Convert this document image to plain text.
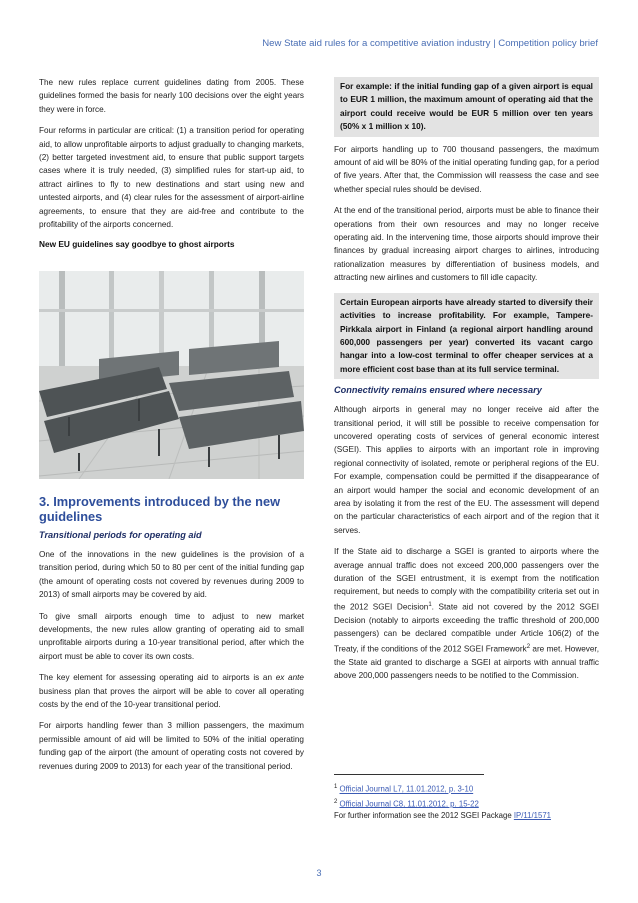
New State aid rules for a competitive aviation industry | Competition policy brief

The new rules replace current guidelines dating from 2005. These guidelines formed the basis for nearly 100 decisions over the eight years they were in force.

Four reforms in particular are critical: (1) a transition period for operating aid, to allow unprofitable airports to adjust gradually to changing markets, (2) better targeted investment aid, to ensure that public support targets cases where it is truly needed, (3) simplified rules for start-up aid, to attract airlines to fly to new destinations and start using new and untested airports, and (4) clear rules for the assessment of airport-airline agreements, to ensure that they are aid-free and contribute to the profitability of the airports concerned.

New EU guidelines say goodbye to ghost airports

3. Improvements introduced by the new guidelines

Transitional periods for operating aid

One of the innovations in the new guidelines is the provision of a transition period, during which 50 to 80 per cent of the initial funding gap (the amount of operating costs not covered by revenues during 2009 to 2013) of small airports may be covered by aid.

To give small airports enough time to adjust to new market developments, the new rules allow granting of operating aid to small unprofitable airports during a 10-year transitional period, after which the airport must be able to cover its own costs.

The key element for assessing operating aid to airports is an ex ante business plan that proves the airport will be able to cover all operating costs by the end of the 10-year transitional period.

For airports handling fewer than 3 million passengers, the maximum permissible amount of aid will be limited to 50% of the initial operating funding gap of the airport (the amount of operating costs not covered by revenues during 2009 to 2013) for each year of the transitional period.

For example: if the initial funding gap of a given airport is equal to EUR 1 million, the maximum amount of operating aid that the airport could receive would be EUR 5 million over ten years (50% x 1 million x 10).

For airports handling up to 700 thousand passengers, the maximum amount of aid will be 80% of the initial operating funding gap, for a period of five years. After that, the Commission will reassess the case and see whether special rules should be devised.

At the end of the transitional period, airports must be able to finance their operations from their own resources and may no longer receive operating aid. In the intervening time, those airports should improve their finances by gradual increasing airport charges to airlines, introducing rationalization measures by differentiation of business models, and attracting new airlines and customers to fill idle capacity.

Certain European airports have already started to diversify their activities to increase profitability. For example, Tampere-Pirkkala airport in Finland (a regional airport handling around 600,000 passengers per year) converted its vacant cargo hangar into a low-cost terminal to offer cheaper services at a more efficient cost base than at its full service terminal.

Connectivity remains ensured where necessary

Although airports in general may no longer receive aid after the transitional period, it will still be possible to receive compensation for uncovered operating costs of services of general economic interest (SGEI). This applies to airports with an important role in improving regional connectivity of isolated, remote or peripheral regions of the EU. For example, compensation could be permitted if the disappearance of an airport would hamper the social and economic development of an area by isolating it from the rest of the EU. The assessment will depend on the particular characteristics of each airport and of the region that it serves.

If the State aid to discharge a SGEI is granted to airports where the average annual traffic does not exceed 200,000 passengers over the duration of the SGEI entrustment, it is exempt from the notification requirement, but needs to comply with the compatibility criteria set out in the 2012 SGEI Decision$^1$. State aid not covered by the 2012 SGEI Decision (notably to airports exceeding the traffic threshold of 200,000 passengers) can be declared compatible under Article 106(2) of the Treaty, if the conditions of the 2012 SGEI Framework$^2$ are met. However, the State aid granted to discharge a SGEI at airports with annual traffic above 200,000 passengers needs to be notified to the Commission.

$^1$ Official Journal L7, 11.01.2012, p. 3-10
$^2$ Official Journal C8, 11.01.2012, p. 15-22
For further information see the 2012 SGEI Package IP/11/1571
3
